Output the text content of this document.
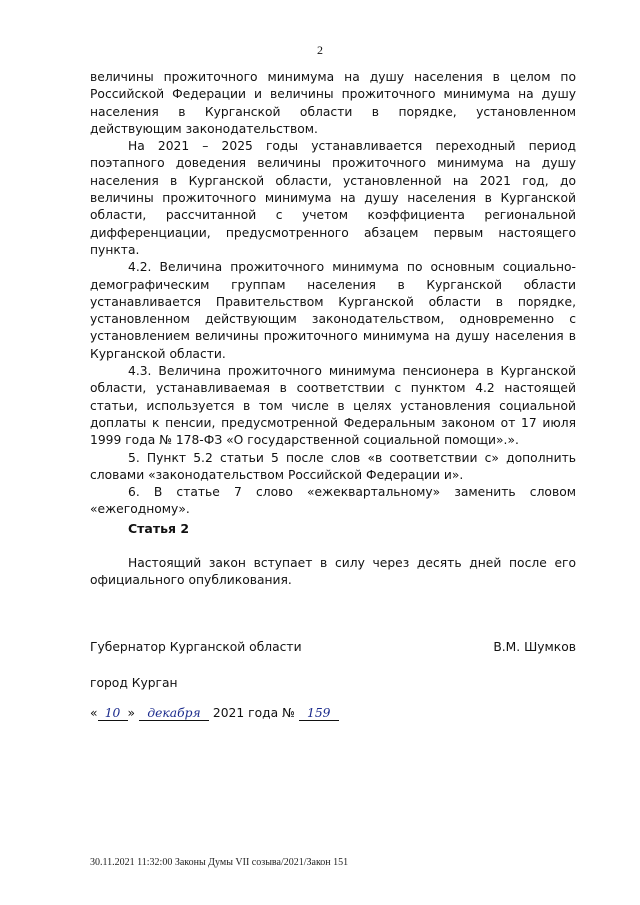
2

величины прожиточного минимума на душу населения в целом по Российской Федерации и величины прожиточного минимума на душу населения в Курганской области в порядке, установленном действующим законодательством.

На 2021 – 2025 годы устанавливается переходный период поэтапного доведения величины прожиточного минимума на душу населения в Курганской области, установленной на 2021 год, до величины прожиточного минимума на душу населения в Курганской области, рассчитанной с учетом коэффициента региональной дифференциации, предусмотренного абзацем первым настоящего пункта.

4.2. Величина прожиточного минимума по основным социально-демографическим группам населения в Курганской области устанавливается Правительством Курганской области в порядке, установленном действующим законодательством, одновременно с установлением величины прожиточного минимума на душу населения в Курганской области.

4.3. Величина прожиточного минимума пенсионера в Курганской области, устанавливаемая в соответствии с пунктом 4.2 настоящей статьи, используется в том числе в целях установления социальной доплаты к пенсии, предусмотренной Федеральным законом от 17 июля 1999 года № 178-ФЗ «О государственной социальной помощи».».

5. Пункт 5.2 статьи 5 после слов «в соответствии с» дополнить словами «законодательством Российской Федерации и».

6. В статье 7 слово «ежеквартальному» заменить словом «ежегодному».

Статья 2

Настоящий закон вступает в силу через десять дней после его официального опубликования.

Губернатор Курганской области	В.М. Шумков
город Курган
« 10 » декабря 2021 года № 159
30.11.2021 11:32:00 Законы Думы VII созыва/2021/Закон 151
